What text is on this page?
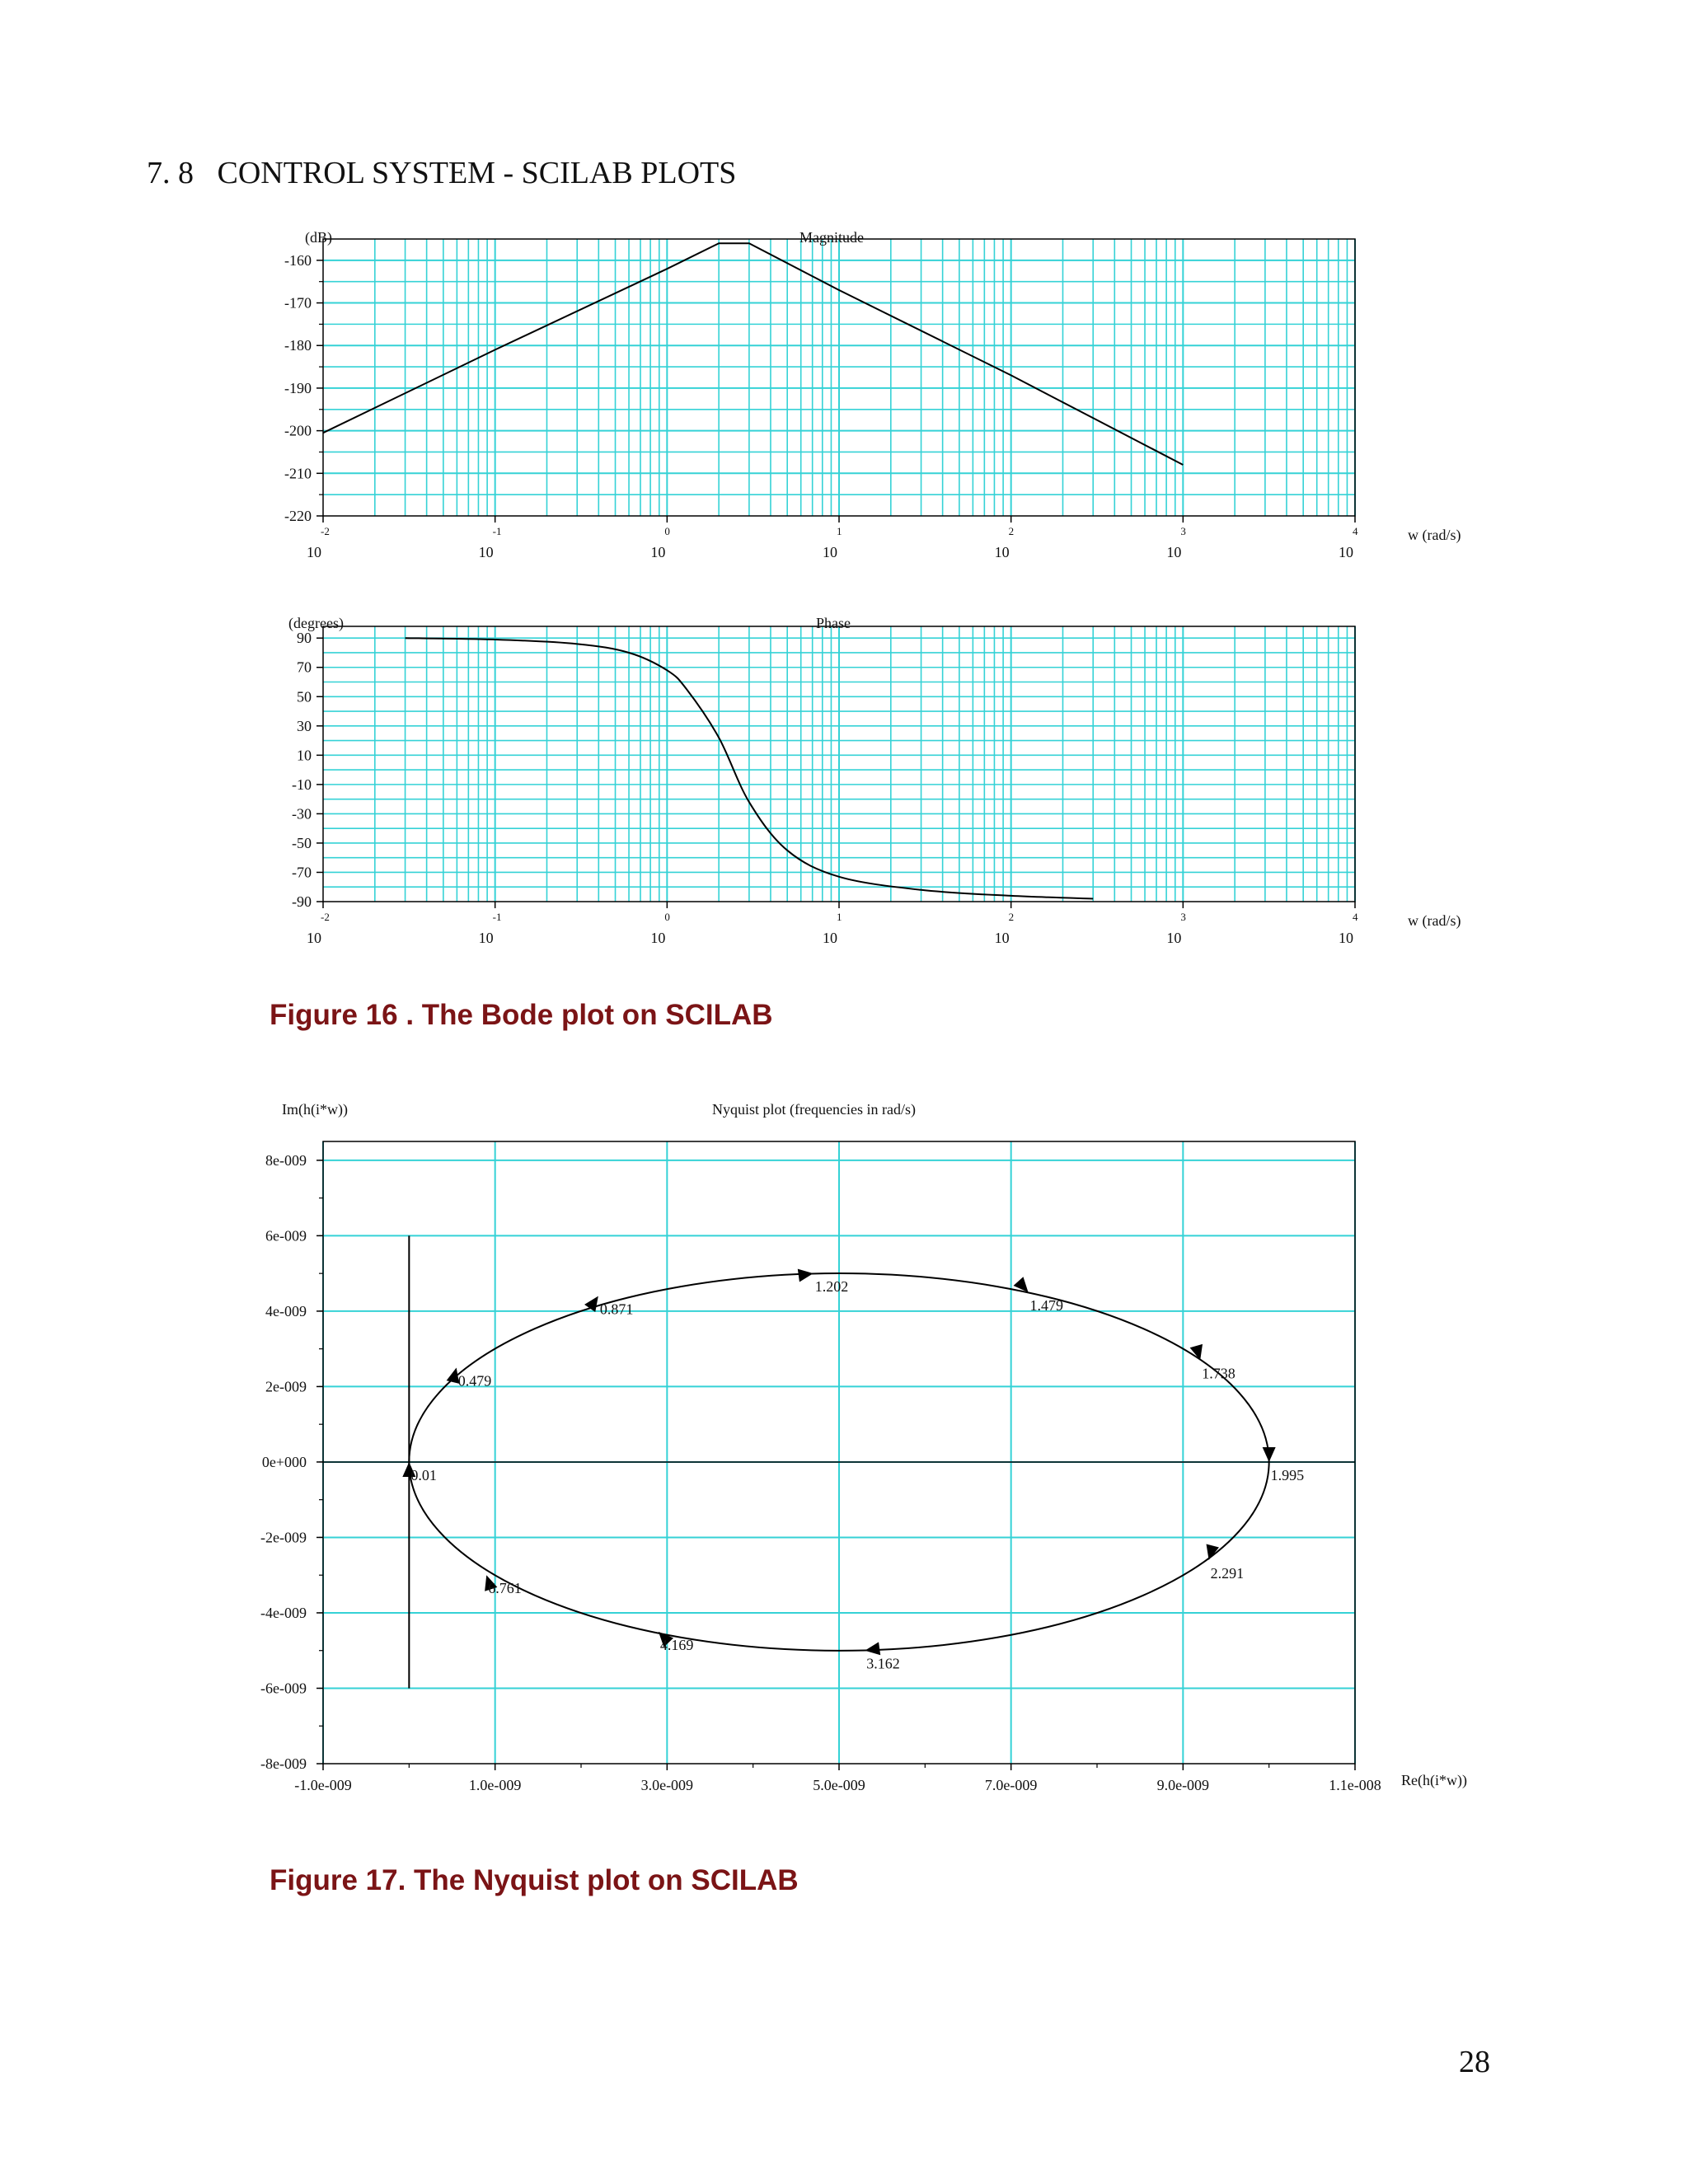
7. 8 CONTROL SYSTEM - SCILAB PLOTS
-160
-170
-180
-190
-200
-210
-220
-2
10
-1
10
0
10
1
10
2
10
3
10
4
10
(dB)	Magnitude
w (rad/s)
90
70
50
30
10
-10
-30
-50
-70
-90
-2
10
-1
10
0
10
1
10
2
10
3
10
4
10
(degrees)	Phase
w (rad/s)
Figure 16 . The Bode plot on SCILAB
0.01
0.479
0.871
1.202
1.479
1.738
1.995
2.291
3.162
4.169
6.761
8e-009
6e-009
4e-009
2e-009
0e+000
-2e-009
-4e-009
-6e-009
-8e-009
-1.0e-009	1.0e-009	3.0e-009	5.0e-009	7.0e-009	9.0e-009	1.1e-008
Im(h(i*w))	Nyquist plot (frequencies in rad/s)
Re(h(i*w))
Figure 17. The Nyquist plot on SCILAB
28
